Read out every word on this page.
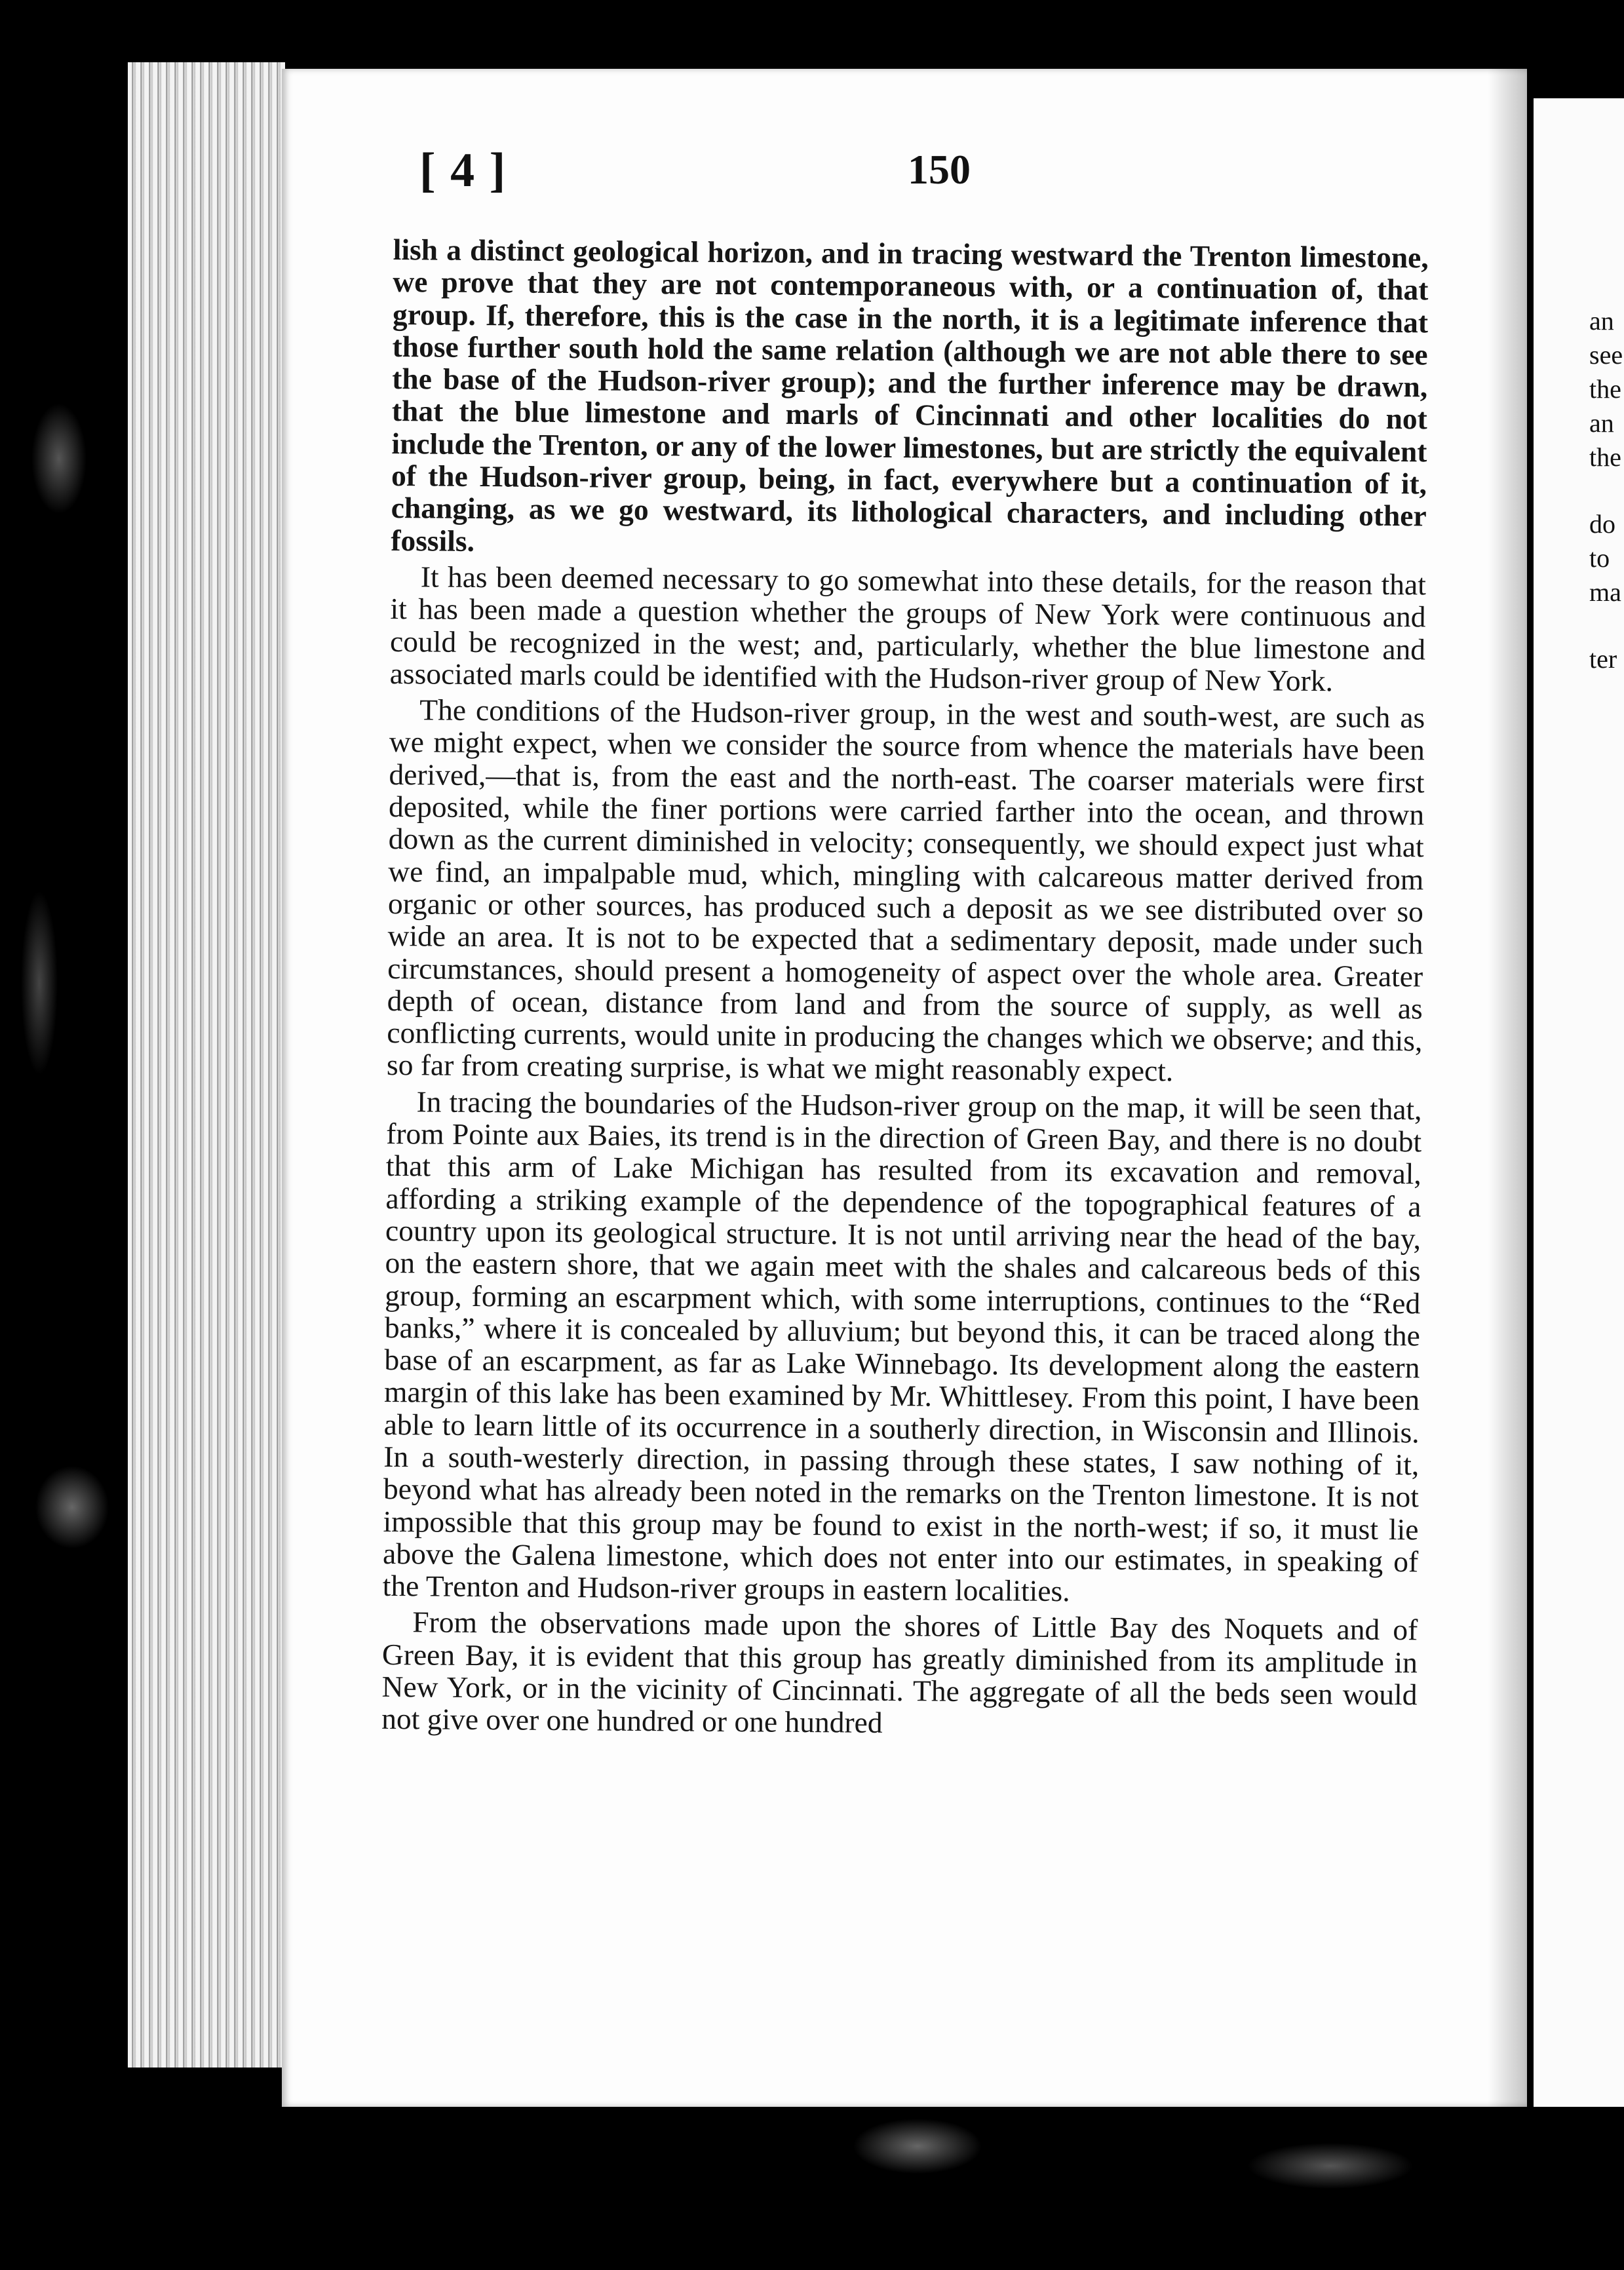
an
see
the
an
the
do
to
ma
ter
[ 4 ]	150

lish a distinct geological horizon, and in tracing westward the Trenton limestone, we prove that they are not contemporaneous with, or a continuation of, that group. If, therefore, this is the case in the north, it is a legitimate inference that those further south hold the same relation (although we are not able there to see the base of the Hudson-river group); and the further inference may be drawn, that the blue limestone and marls of Cincinnati and other localities do not include the Trenton, or any of the lower limestones, but are strictly the equivalent of the Hudson-river group, being, in fact, everywhere but a continuation of it, changing, as we go westward, its lithological characters, and including other fossils.

It has been deemed necessary to go somewhat into these details, for the reason that it has been made a question whether the groups of New York were continuous and could be recognized in the west; and, particularly, whether the blue limestone and associated marls could be identified with the Hudson-river group of New York.

The conditions of the Hudson-river group, in the west and south-west, are such as we might expect, when we consider the source from whence the materials have been derived,—that is, from the east and the north-east. The coarser materials were first deposited, while the finer portions were carried farther into the ocean, and thrown down as the current diminished in velocity; consequently, we should expect just what we find, an impalpable mud, which, mingling with calcareous matter derived from organic or other sources, has produced such a deposit as we see distributed over so wide an area. It is not to be expected that a sedimentary deposit, made under such circumstances, should present a homogeneity of aspect over the whole area. Greater depth of ocean, distance from land and from the source of supply, as well as conflicting currents, would unite in producing the changes which we observe; and this, so far from creating surprise, is what we might reasonably expect.

In tracing the boundaries of the Hudson-river group on the map, it will be seen that, from Pointe aux Baies, its trend is in the direction of Green Bay, and there is no doubt that this arm of Lake Michigan has resulted from its excavation and removal, affording a striking example of the dependence of the topographical features of a country upon its geological structure. It is not until arriving near the head of the bay, on the eastern shore, that we again meet with the shales and calcareous beds of this group, forming an escarpment which, with some interruptions, continues to the “Red banks,” where it is concealed by alluvium; but beyond this, it can be traced along the base of an escarpment, as far as Lake Winnebago. Its development along the eastern margin of this lake has been examined by Mr. Whittlesey. From this point, I have been able to learn little of its occurrence in a southerly direction, in Wisconsin and Illinois. In a south-westerly direction, in passing through these states, I saw nothing of it, beyond what has already been noted in the remarks on the Trenton limestone. It is not impossible that this group may be found to exist in the north-west; if so, it must lie above the Galena limestone, which does not enter into our estimates, in speaking of the Trenton and Hudson-river groups in eastern localities.

From the observations made upon the shores of Little Bay des Noquets and of Green Bay, it is evident that this group has greatly diminished from its amplitude in New York, or in the vicinity of Cincinnati. The aggregate of all the beds seen would not give over one hundred or one hundred
